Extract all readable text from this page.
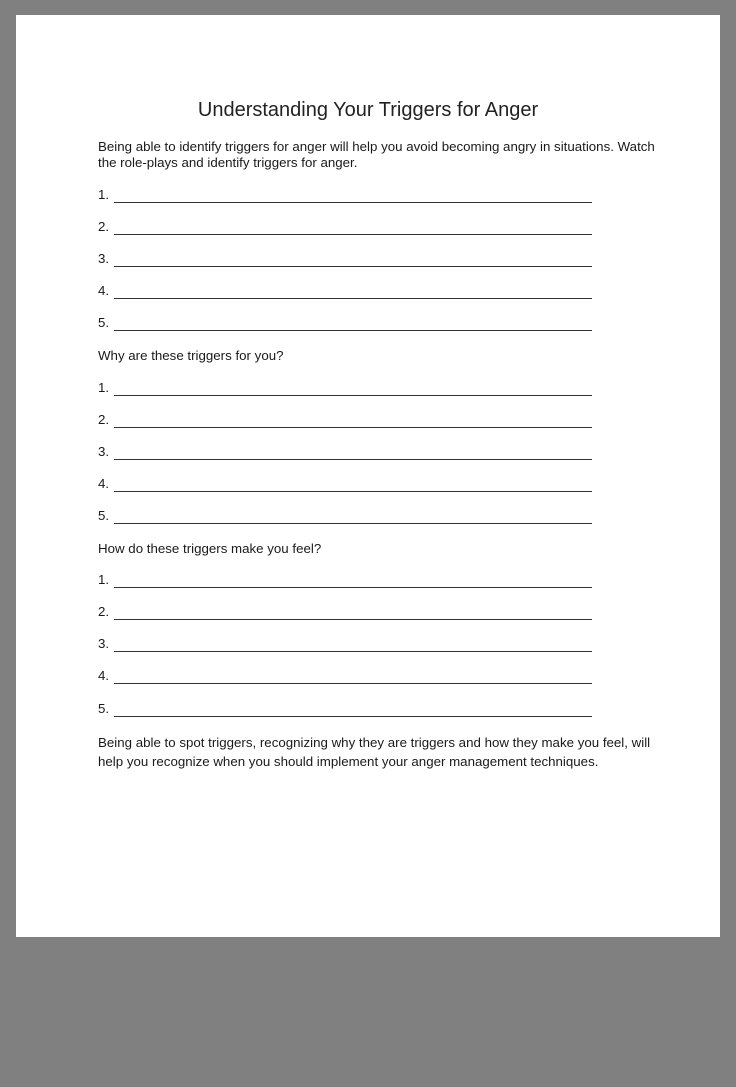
Understanding Your Triggers for Anger
Being able to identify triggers for anger will help you avoid becoming angry in situations. Watch the role-plays and identify triggers for anger.
1.
2.
3.
4.
5.
Why are these triggers for you?
1.
2.
3.
4.
5.
How do these triggers make you feel?
1.
2.
3.
4.
5.
Being able to spot triggers, recognizing why they are triggers and how they make you feel, will help you recognize when you should implement your anger management techniques.
